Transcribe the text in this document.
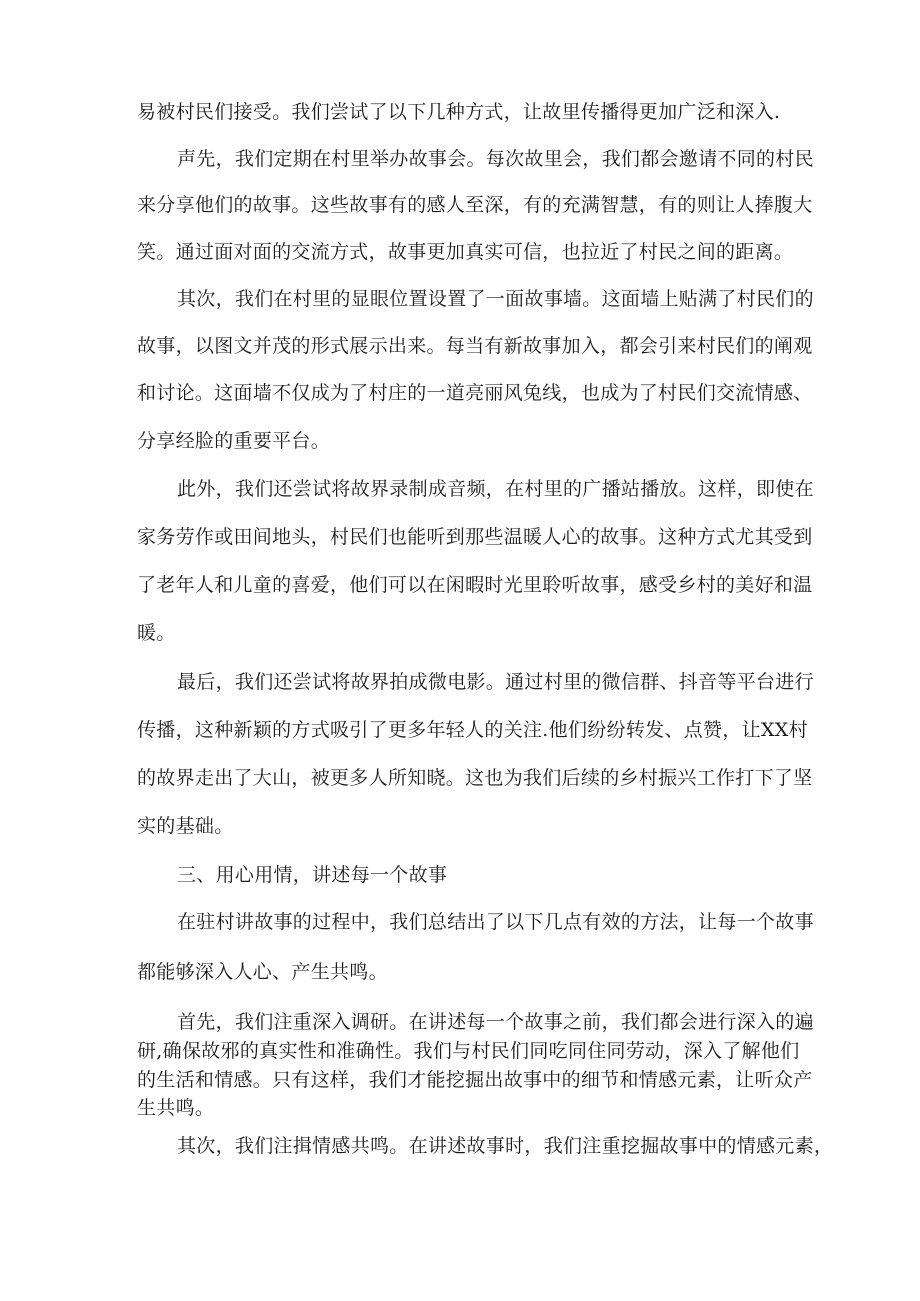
易被村民们接受。我们尝试了以下几种方式，让故里传播得更加广泛和深入.
声先，我们定期在村里举办故事会。每次故里会，我们都会邀请不同的村民
来分享他们的故事。这些故事有的感人至深，有的充满智慧，有的则让人捧腹大
笑。通过面对面的交流方式，故事更加真实可信，也拉近了村民之间的距离。
其次，我们在村里的显眼位置设置了一面故事墙。这面墙上贴满了村民们的
故事，以图文并茂的形式展示出来。每当有新故事加入，都会引来村民们的阐观
和讨论。这面墙不仅成为了村庄的一道亮丽风兔线，也成为了村民们交流情感、
分享经脸的重要平台。
此外，我们还尝试将故界录制成音频，在村里的广播站播放。这样，即使在
家务劳作或田间地头，村民们也能听到那些温暖人心的故事。这种方式尤其受到
了老年人和儿童的喜爱，他们可以在闲暇时光里聆听故事，感受乡村的美好和温
暖。
最后，我们还尝试将故界拍成微电影。通过村里的微信群、抖音等平台进行
传播，这种新颖的方式吸引了更多年轻人的关注.他们纷纷转发、点赞，让XX村
的故界走出了大山，被更多人所知晓。这也为我们后续的乡村振兴工作打下了坚
实的基础。
三、用心用情，讲述每一个故事
在驻村讲故事的过程中，我们总结出了以下几点有效的方法，让每一个故事
都能够深入人心、产生共鸣。
首先，我们注重深入调研。在讲述每一个故事之前，我们都会进行深入的遍
研,确保故邪的真实性和准确性。我们与村民们同吃同住同劳动，深入了解他们
的生活和情感。只有这样，我们才能挖掘出故事中的细节和情感元素，让听众产
生共鸣。
其次，我们注揖情感共鸣。在讲述故事时，我们注重挖掘故事中的情感元素，
